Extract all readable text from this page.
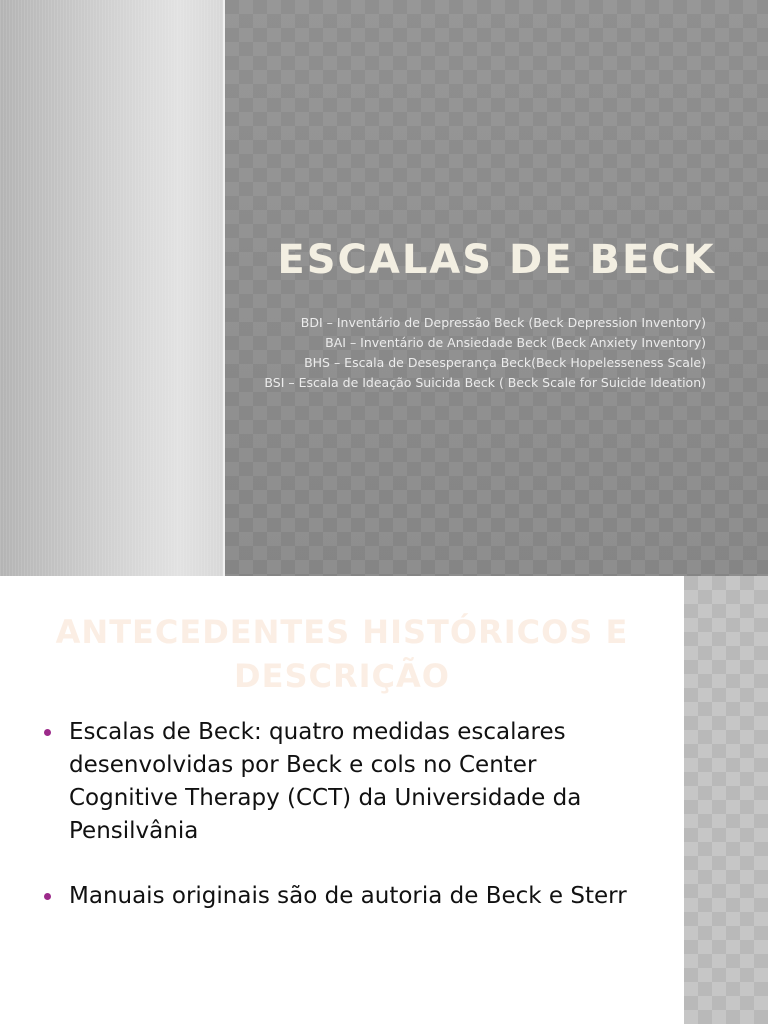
ESCALAS DE BECK
BDI – Inventário de Depressão Beck (Beck Depression Inventory)
BAI – Inventário de Ansiedade Beck (Beck Anxiety Inventory)
BHS – Escala de Desesperança Beck(Beck Hopelesseness Scale)
BSI – Escala de Ideação Suicida Beck ( Beck Scale for Suicide Ideation)
ANTECEDENTES HISTÓRICOS E DESCRIÇÃO
Escalas de Beck: quatro medidas escalares desenvolvidas por Beck e cols no Center Cognitive Therapy (CCT) da Universidade da Pensilvânia
Manuais originais são de autoria de Beck e Sterr
